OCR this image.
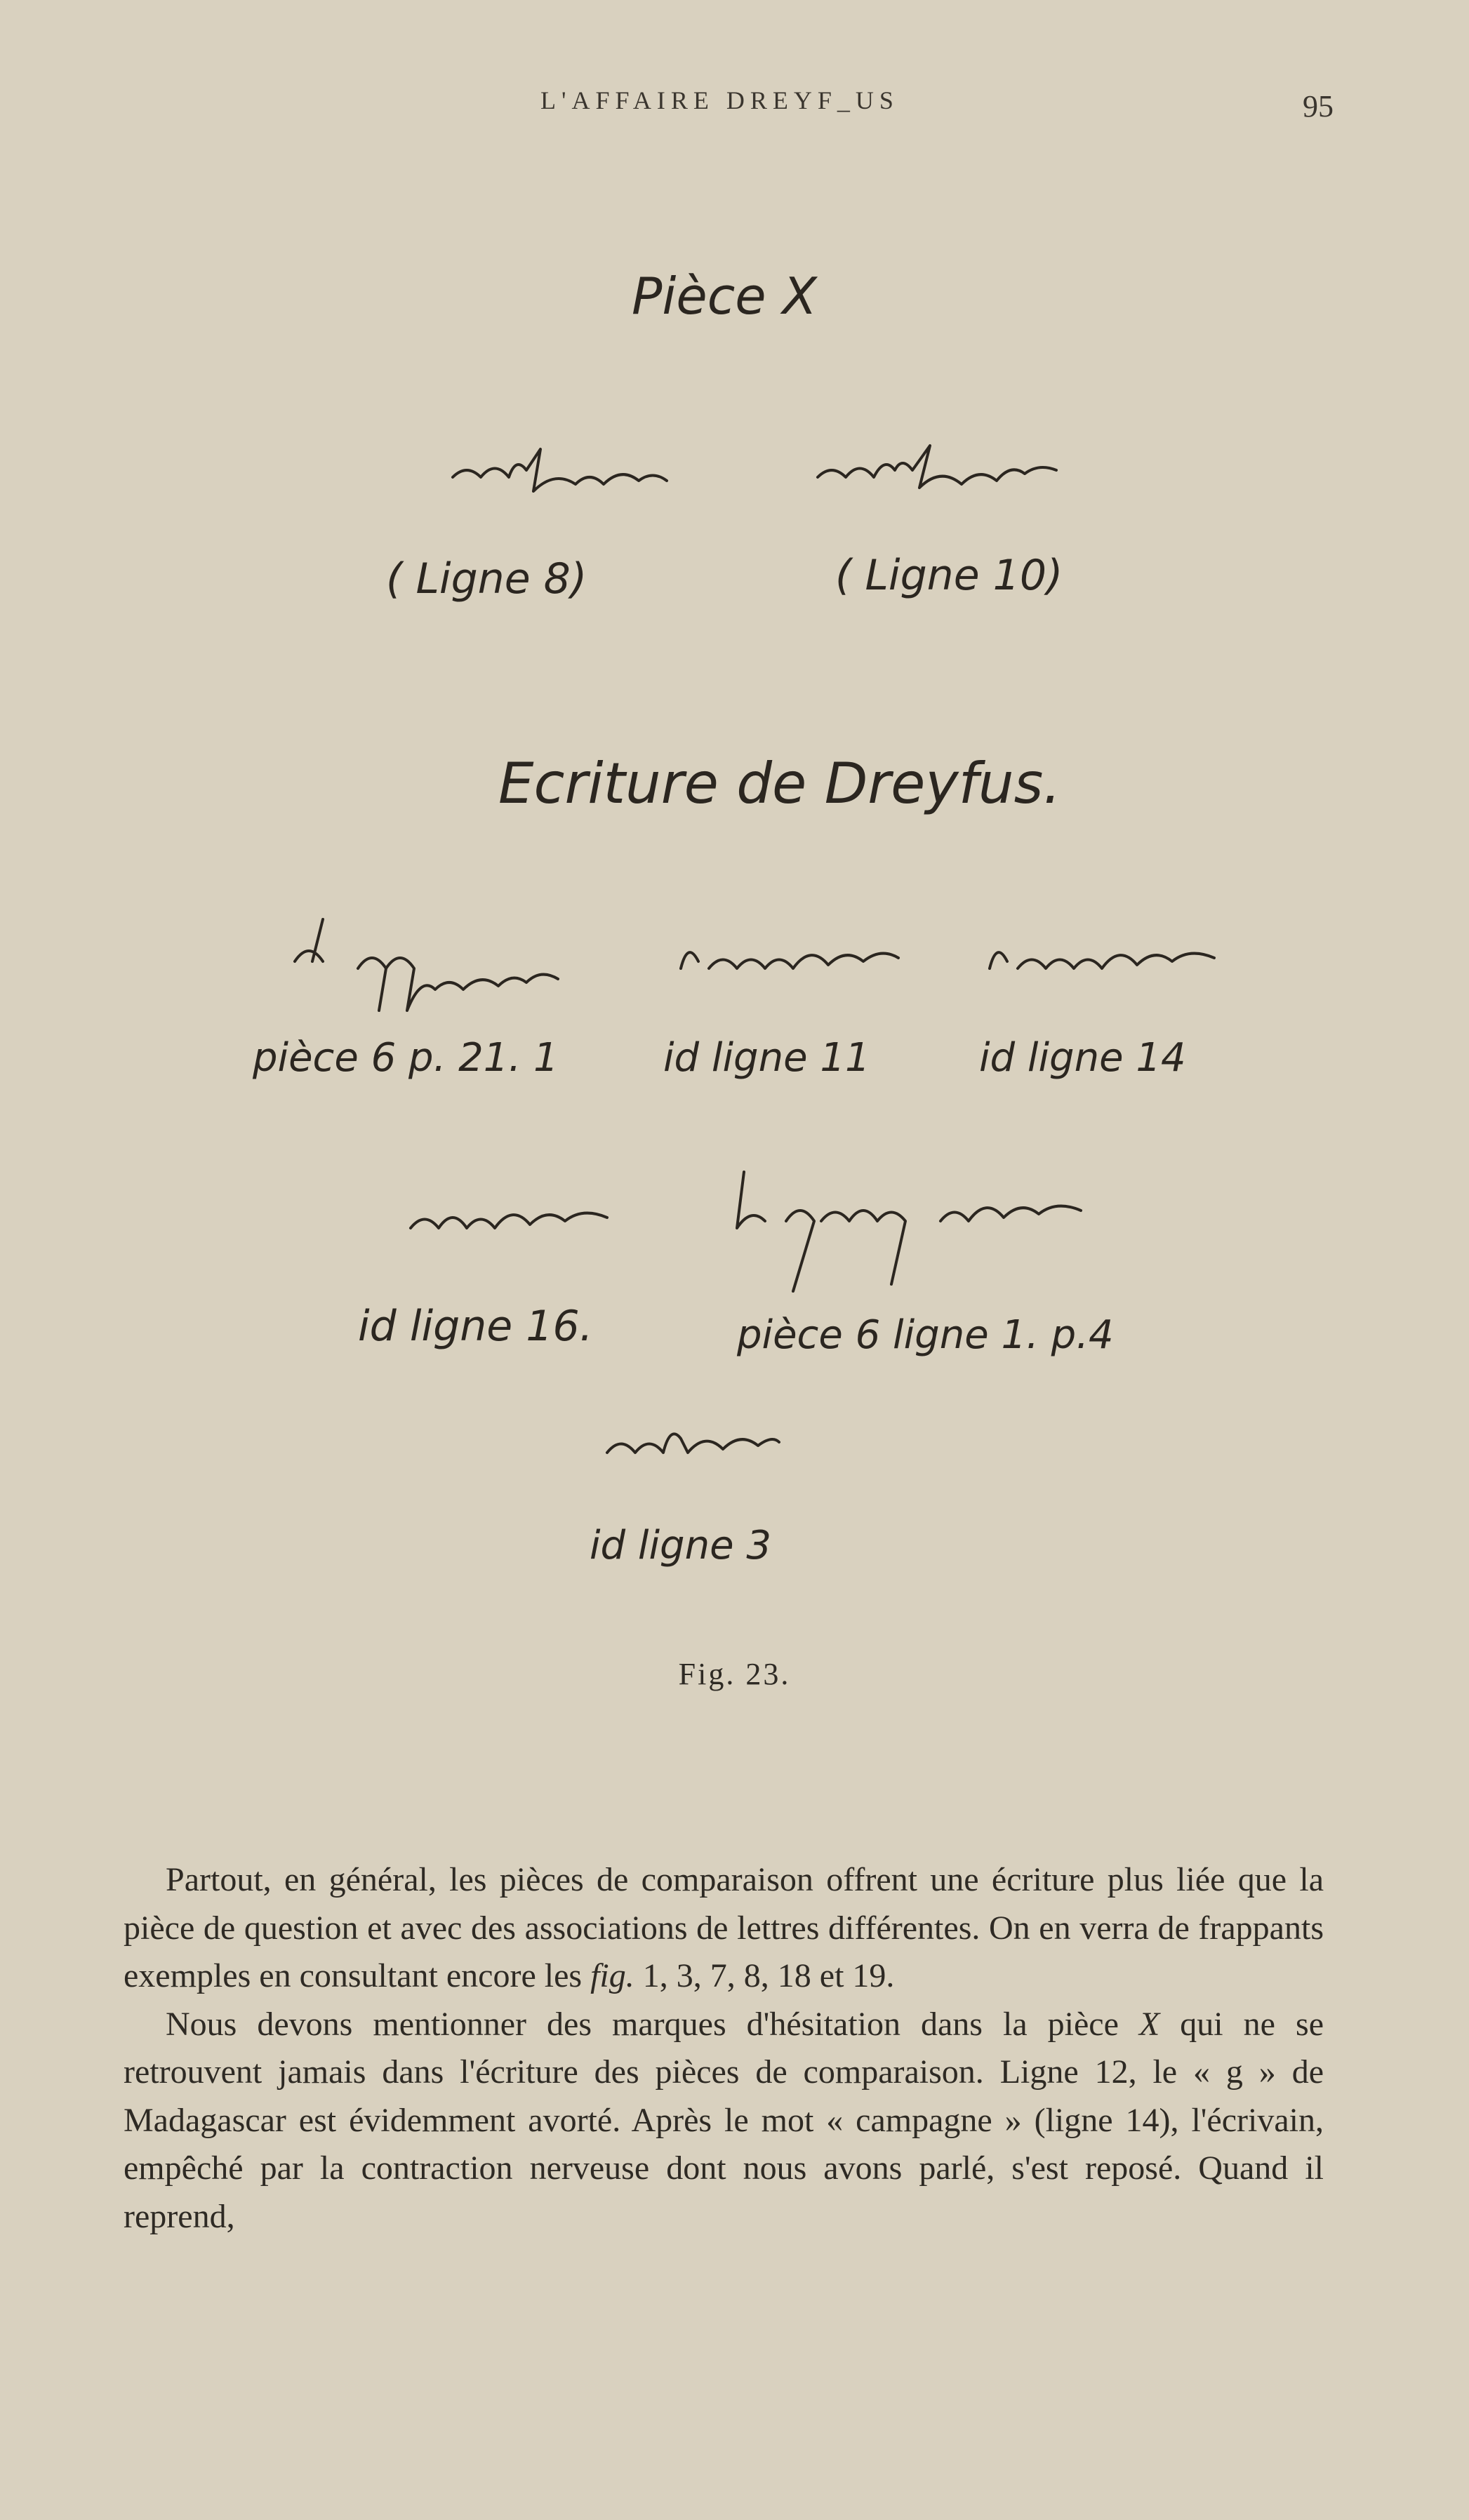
L'AFFAIRE DREYF_US	95
Pièce X
( Ligne 8)	( Ligne 10)
Ecriture de Dreyfus.
pièce 6 p. 21. 1	id ligne 11	id ligne 14
id ligne 16.	pièce 6 ligne 1. p.4
id ligne 3
Fig. 23.

Partout, en général, les pièces de comparaison offrent une écriture plus liée que la pièce de question et avec des associations de lettres différentes. On en verra de frappants exemples en consultant encore les fig. 1, 3, 7, 8, 18 et 19.

Nous devons mentionner des marques d'hésitation dans la pièce X qui ne se retrouvent jamais dans l'écriture des pièces de comparaison. Ligne 12, le « g » de Madagascar est évidemment avorté. Après le mot « campagne » (ligne 14), l'écrivain, empêché par la contraction nerveuse dont nous avons parlé, s'est reposé. Quand il reprend,
